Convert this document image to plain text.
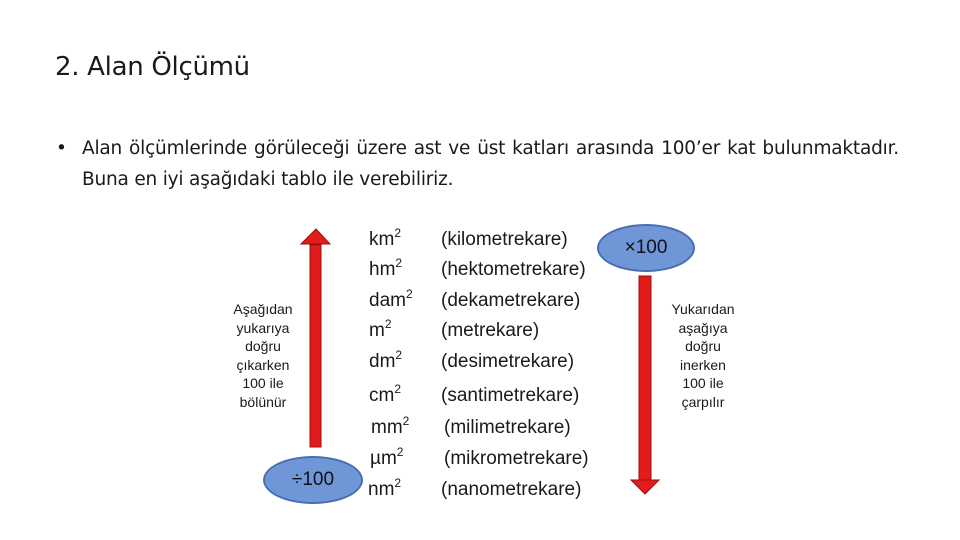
2. Alan Ölçümü
• Alan ölçümlerinde görüleceği üzere ast ve üst katları arasında 100’er kat bulunmaktadır. Buna en iyi aşağıdaki tablo ile verebiliriz.
×100
÷100
Aşağıdan
yukarıya
doğru
çıkarken
100 ile
bölünür
Yukarıdan
aşağıya
doğru
inerken
100 ile
çarpılır
$km^2$ (kilometrekare)
$hm^2$ (hektometrekare)
dam$^2$ (dekametrekare)
$m^2$	(metrekare)
$dm^2$ (desimetrekare)
$cm^2$ (santimetrekare)
$mm^2$ (milimetrekare)
µm$^2$ (mikrometrekare)
$nm^2$ (nanometrekare)
